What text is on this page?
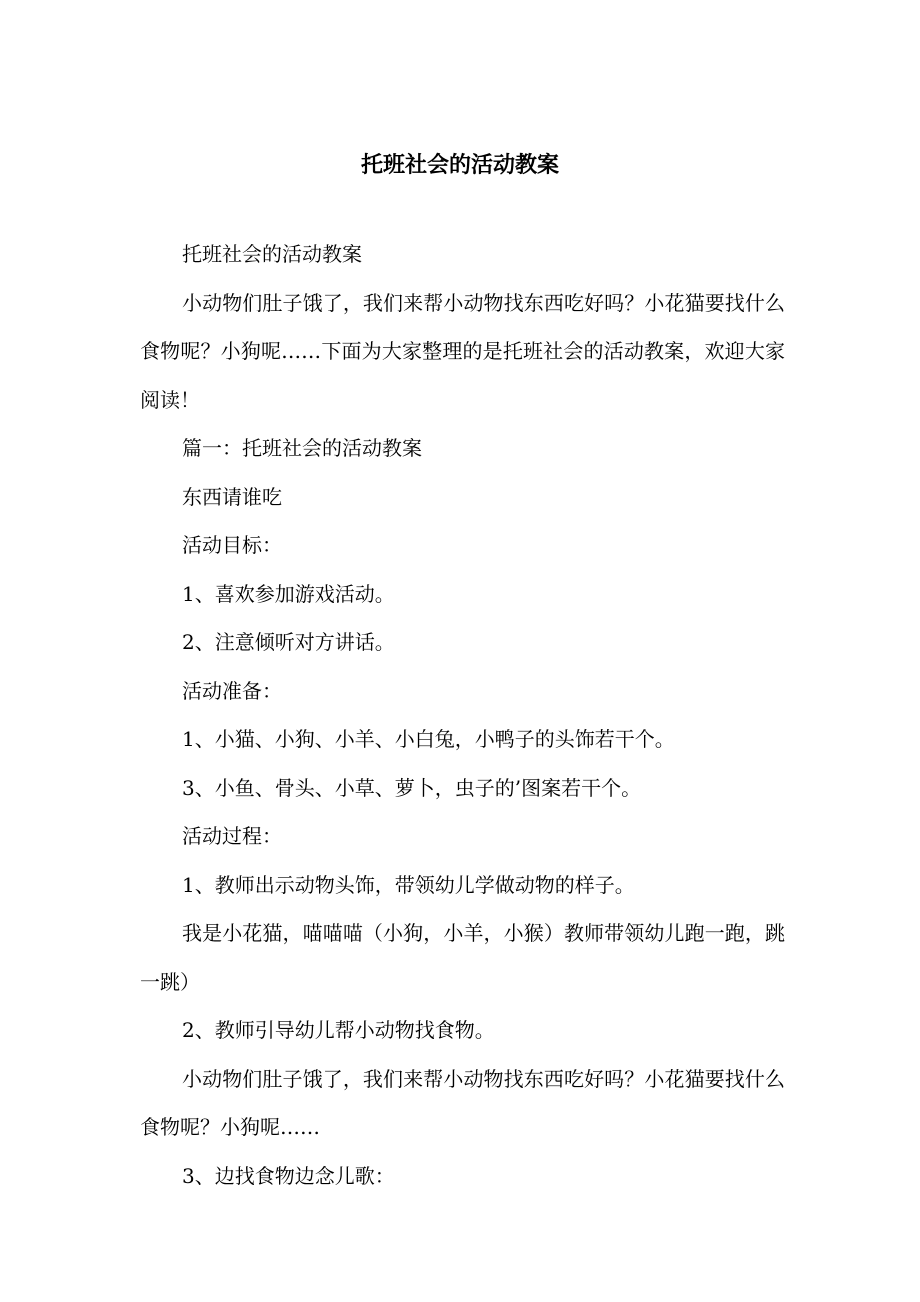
托班社会的活动教案

托班社会的活动教案

小动物们肚子饿了，我们来帮小动物找东西吃好吗？小花猫要找什么食物呢？小狗呢……下面为大家整理的是托班社会的活动教案，欢迎大家阅读！

篇一：托班社会的活动教案

东西请谁吃

活动目标：

1、喜欢参加游戏活动。

2、注意倾听对方讲话。

活动准备：

1、小猫、小狗、小羊、小白兔，小鸭子的头饰若干个。

3、小鱼、骨头、小草、萝卜，虫子的’图案若干个。

活动过程：

1、教师出示动物头饰，带领幼儿学做动物的样子。

我是小花猫，喵喵喵（小狗，小羊，小猴）教师带领幼儿跑一跑，跳一跳）

2、教师引导幼儿帮小动物找食物。

小动物们肚子饿了，我们来帮小动物找东西吃好吗？小花猫要找什么食物呢？小狗呢……

3、边找食物边念儿歌：
